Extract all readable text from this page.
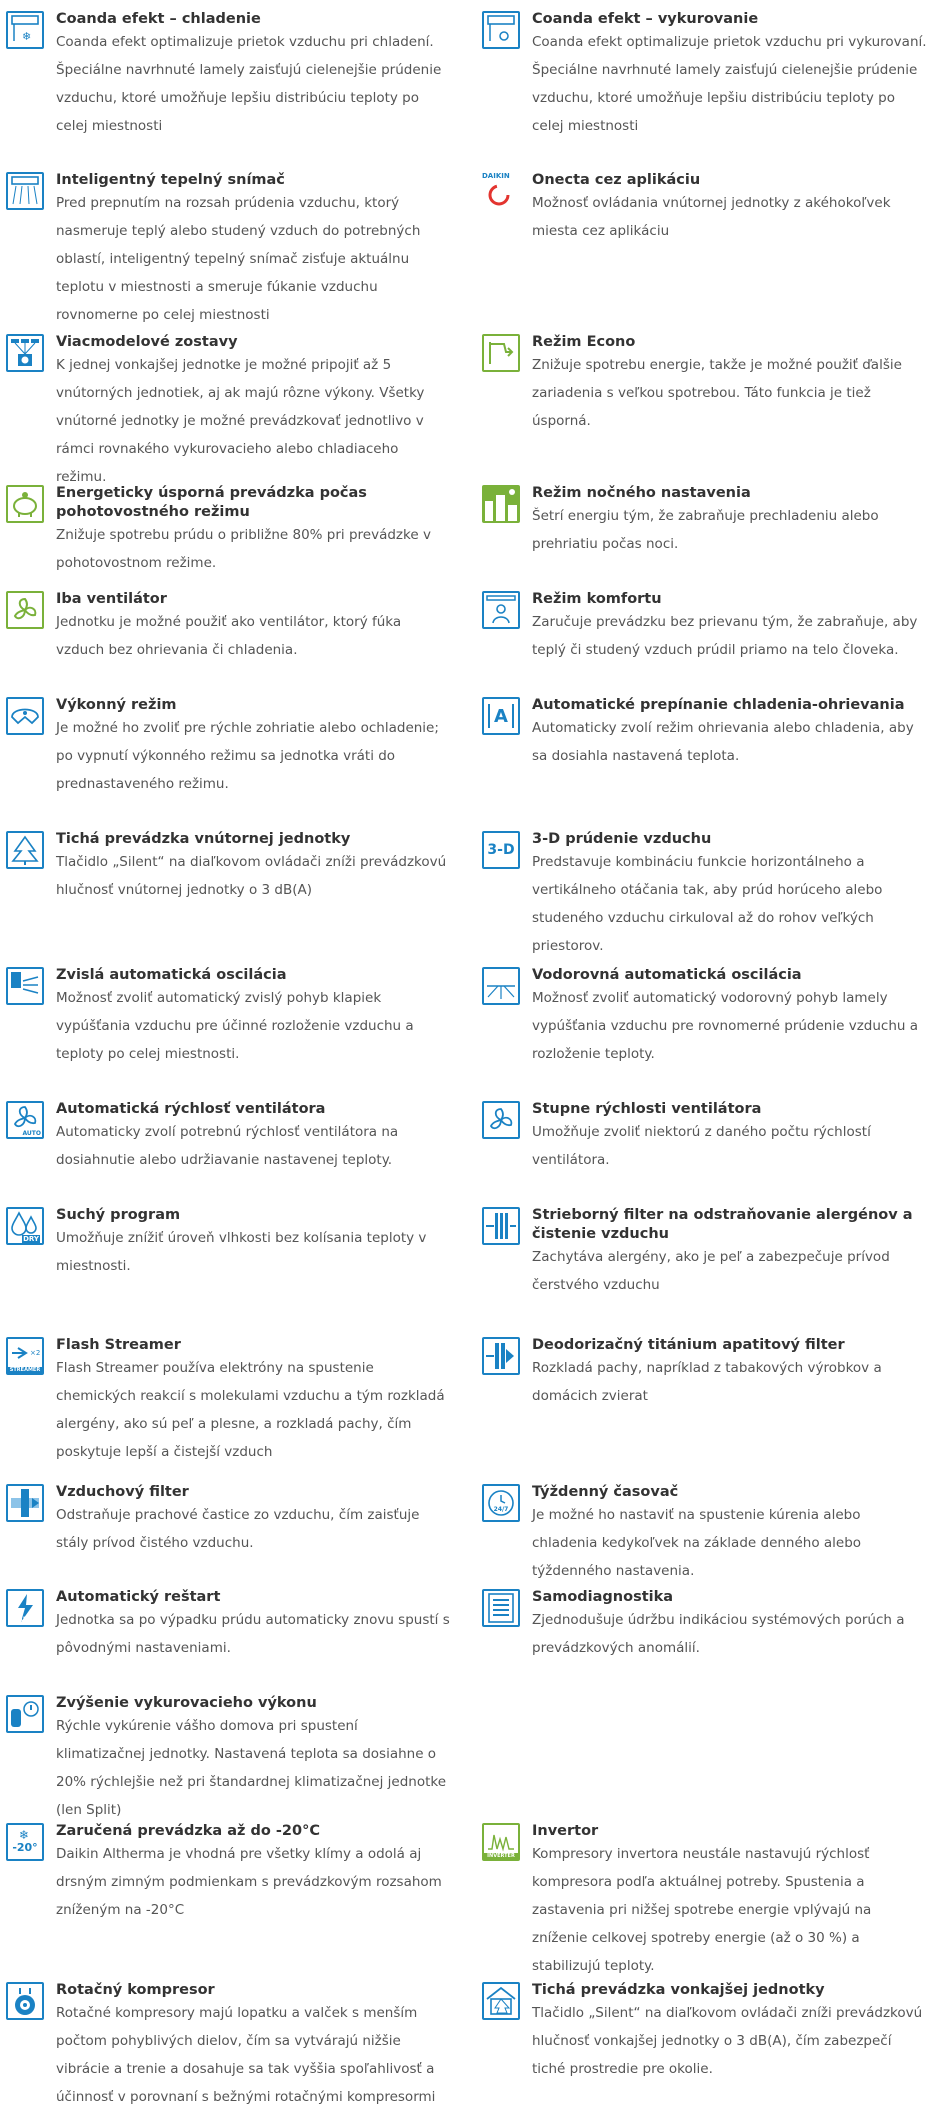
❄
Coanda efekt – chladenie
Coanda efekt optimalizuje prietok vzduchu pri chladení. Špeciálne navrhnuté lamely zaisťujú cielenejšie prúdenie vzduchu, ktoré umožňuje lepšiu distribúciu teploty po celej miestnosti
Coanda efekt – vykurovanie
Coanda efekt optimalizuje prietok vzduchu pri vykurovaní. Špeciálne navrhnuté lamely zaisťujú cielenejšie prúdenie vzduchu, ktoré umožňuje lepšiu distribúciu teploty po celej miestnosti
Inteligentný tepelný snímač
Pred prepnutím na rozsah prúdenia vzduchu, ktorý nasmeruje teplý alebo studený vzduch do potrebných oblastí, inteligentný tepelný snímač zisťuje aktuálnu teplotu v miestnosti a smeruje fúkanie vzduchu rovnomerne po celej miestnosti
DAIKIN Onecta cez aplikáciu
Možnosť ovládania vnútornej jednotky z akéhokoľvek miesta cez aplikáciu
Viacmodelové zostavy
K jednej vonkajšej jednotke je možné pripojiť až 5 vnútorných jednotiek, aj ak majú rôzne výkony. Všetky vnútorné jednotky je možné prevádzkovať jednotlivo v rámci rovnakého vykurovacieho alebo chladiaceho režimu.
Režim Econo
Znižuje spotrebu energie, takže je možné použiť ďalšie zariadenia s veľkou spotrebou. Táto funkcia je tiež úsporná.
Energeticky úsporná prevádzka počas pohotovostného režimu
Znižuje spotrebu prúdu o približne 80% pri prevádzke v pohotovostnom režime.
Režim nočného nastavenia
Šetrí energiu tým, že zabraňuje prechladeniu alebo prehriatiu počas noci.
Iba ventilátor
Jednotku je možné použiť ako ventilátor, ktorý fúka vzduch bez ohrievania či chladenia.
Režim komfortu
Zaručuje prevádzku bez prievanu tým, že zabraňuje, aby teplý či studený vzduch prúdil priamo na telo človeka.
Výkonný režim
Je možné ho zvoliť pre rýchle zohriatie alebo ochladenie; po vypnutí výkonného režimu sa jednotka vráti do prednastaveného režimu.
A
Automatické prepínanie chladenia-ohrievania
Automaticky zvolí režim ohrievania alebo chladenia, aby sa dosiahla nastavená teplota.
Tichá prevádzka vnútornej jednotky
Tlačidlo „Silent“ na diaľkovom ovládači zníži prevádzkovú hlučnosť vnútornej jednotky o 3 dB(A)
3-D
3-D prúdenie vzduchu
Predstavuje kombináciu funkcie horizontálneho a vertikálneho otáčania tak, aby prúd horúceho alebo studeného vzduchu cirkuloval až do rohov veľkých priestorov.
Zvislá automatická oscilácia
Možnosť zvoliť automatický zvislý pohyb klapiek vypúšťania vzduchu pre účinné rozloženie vzduchu a teploty po celej miestnosti.
Vodorovná automatická oscilácia
Možnosť zvoliť automatický vodorovný pohyb lamely vypúšťania vzduchu pre rovnomerné prúdenie vzduchu a rozloženie teploty.
AUTO
Automatická rýchlosť ventilátora
Automaticky zvolí potrebnú rýchlosť ventilátora na dosiahnutie alebo udržiavanie nastavenej teploty.
Stupne rýchlosti ventilátora
Umožňuje zvoliť niektorú z daného počtu rýchlostí ventilátora.
DRY
Suchý program
Umožňuje znížiť úroveň vlhkosti bez kolísania teploty v miestnosti.
Strieborný filter na odstraňovanie alergénov a čistenie vzduchu
Zachytáva alergény, ako je peľ a zabezpečuje prívod čerstvého vzduchu
×2
STREAMER
Flash Streamer
Flash Streamer používa elektróny na spustenie chemických reakcií s molekulami vzduchu a tým rozkladá alergény, ako sú peľ a plesne, a rozkladá pachy, čím poskytuje lepší a čistejší vzduch
Deodorizačný titánium apatitový filter
Rozkladá pachy, napríklad z tabakových výrobkov a domácich zvierat
Vzduchový filter
Odstraňuje prachové častice zo vzduchu, čím zaisťuje stály prívod čistého vzduchu.
24/7
Týždenný časovač
Je možné ho nastaviť na spustenie kúrenia alebo chladenia kedykoľvek na základe denného alebo týždenného nastavenia.
AUTO
Automatický reštart
Jednotka sa po výpadku prúdu automaticky znovu spustí s pôvodnými nastaveniami.
Samodiagnostika
Zjednodušuje údržbu indikáciou systémových porúch a prevádzkových anomálií.
Zvýšenie vykurovacieho výkonu
Rýchle vykúrenie vášho domova pri spustení klimatizačnej jednotky. Nastavená teplota sa dosiahne o 20% rýchlejšie než pri štandardnej klimatizačnej jednotke (len Split)
❄
-20°
Zaručená prevádzka až do -20°C
Daikin Altherma je vhodná pre všetky klímy a odolá aj drsným zimným podmienkam s prevádzkovým rozsahom zníženým na -20°C
INVERTER
Invertor
Kompresory invertora neustále nastavujú rýchlosť kompresora podľa aktuálnej potreby. Spustenia a zastavenia pri nižšej spotrebe energie vplývajú na zníženie celkovej spotreby energie (až o 30 %) a stabilizujú teploty.
Rotačný kompresor
Rotačné kompresory majú lopatku a valček s menším počtom pohyblivých dielov, čím sa vytvárajú nižšie vibrácie a trenie a dosahuje sa tak vyššia spoľahlivosť a účinnosť v porovnaní s bežnými rotačnými kompresormi
Tichá prevádzka vonkajšej jednotky
Tlačidlo „Silent“ na diaľkovom ovládači zníži prevádzkovú hlučnosť vonkajšej jednotky o 3 dB(A), čím zabezpečí tiché prostredie pre okolie.
